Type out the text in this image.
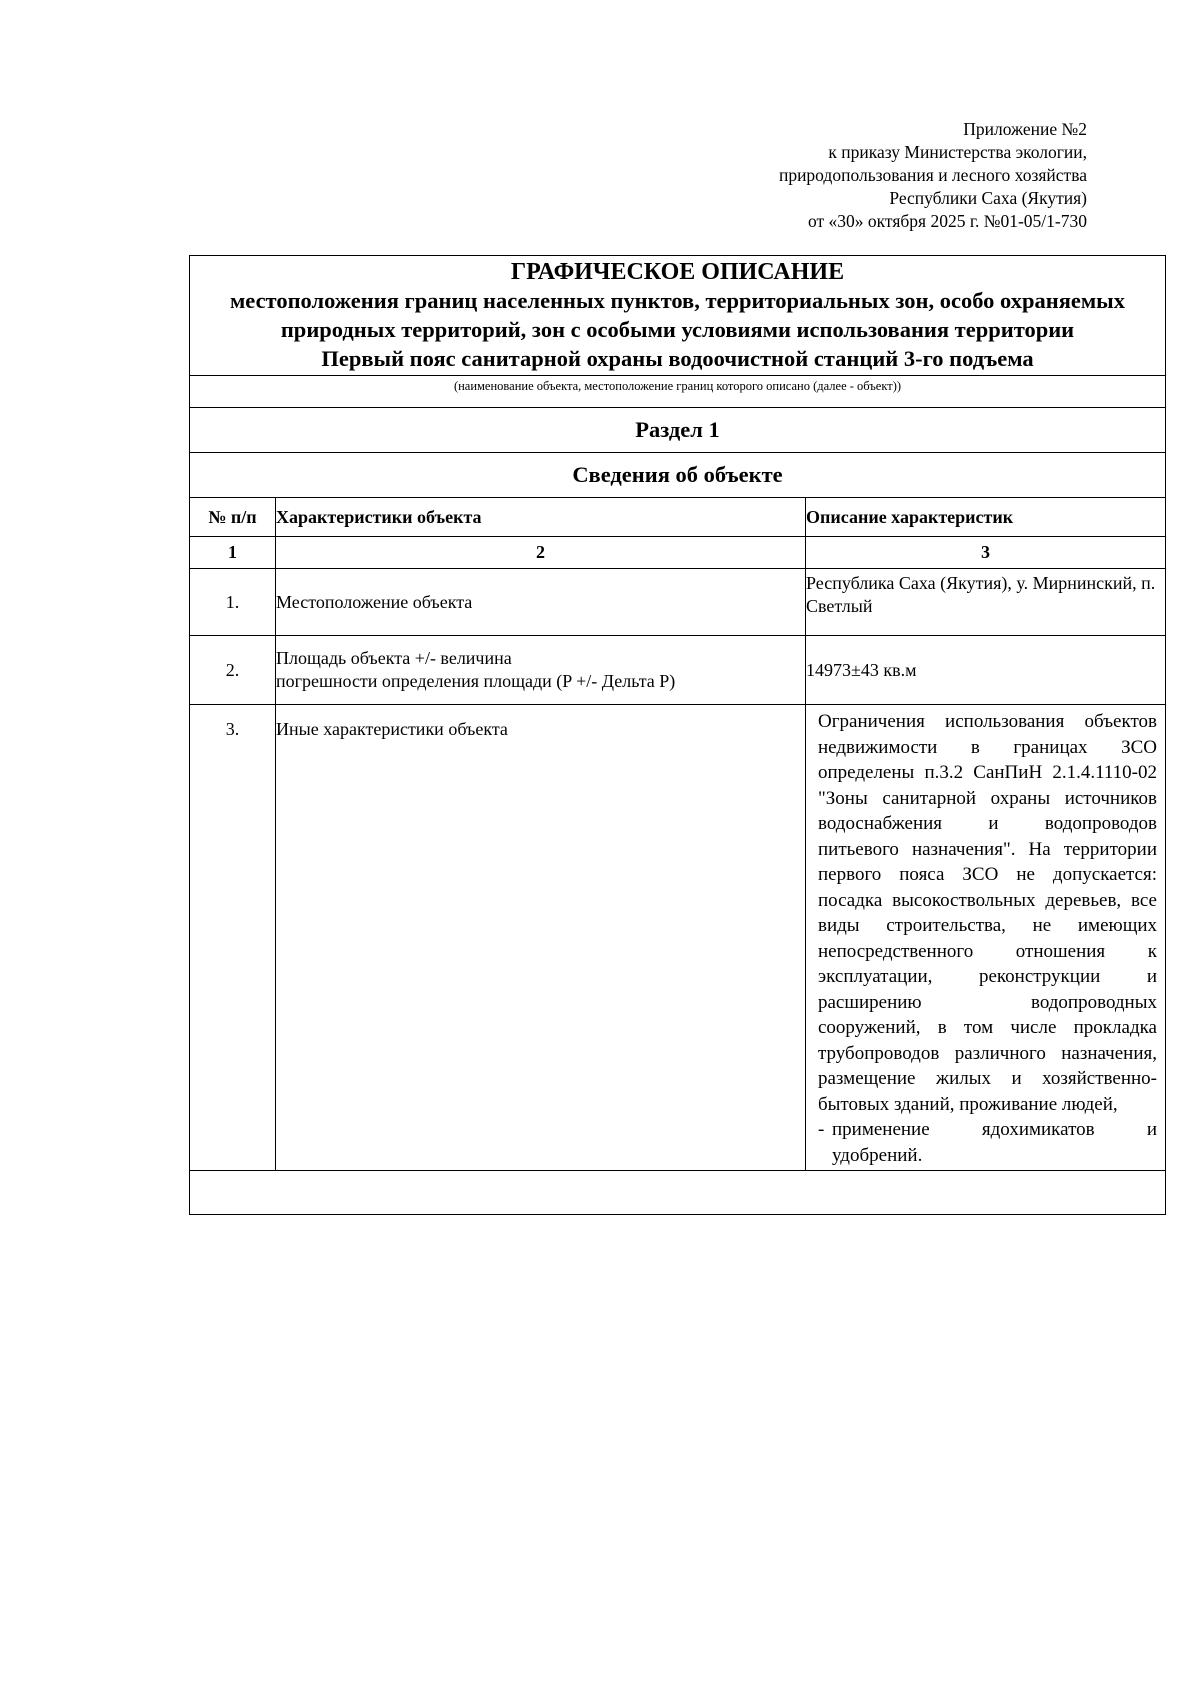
Приложение №2
к приказу Министерства экологии,
природопользования и лесного хозяйства
Республики Саха (Якутия)
от «30» октября 2025 г. №01-05/1-730
ГРАФИЧЕСКОЕ ОПИСАНИЕ
местоположения границ населенных пунктов, территориальных зон, особо охраняемых природных территорий, зон с особыми условиями использования территории
Первый пояс санитарной охраны водоочистной станций 3-го подъема		

(наименование объекта, местоположение границ которого описано (далее - объект))		
Раздел 1		
Сведения об объекте		
№ п/п	Характеристики объекта	Описание характеристик
1	2	3
1.	Местоположение объекта	Республика Саха (Якутия), у. Мирнинский, п. Светлый
2.	Площадь объекта +/- величина
погрешности определения площади (P +/- Дельта P)	14973±43 кв.м
3.	Иные характеристики объекта	Ограничения использования объектов недвижимости в границах ЗСО определены п.3.2 СанПиН 2.1.4.1110-02 "Зоны санитарной охраны источников водоснабжения и водопроводов питьевого назначения". На территории первого пояса ЗСО не допускается: посадка высокоствольных деревьев, все виды строительства, не имеющих непосредственного отношения к эксплуатации, реконструкции и расширению водопроводных сооружений, в том числе прокладка трубопроводов различного назначения, размещение жилых и хозяйственно-бытовых зданий, проживание людей,
- применение ядохимикатов и удобрений.
